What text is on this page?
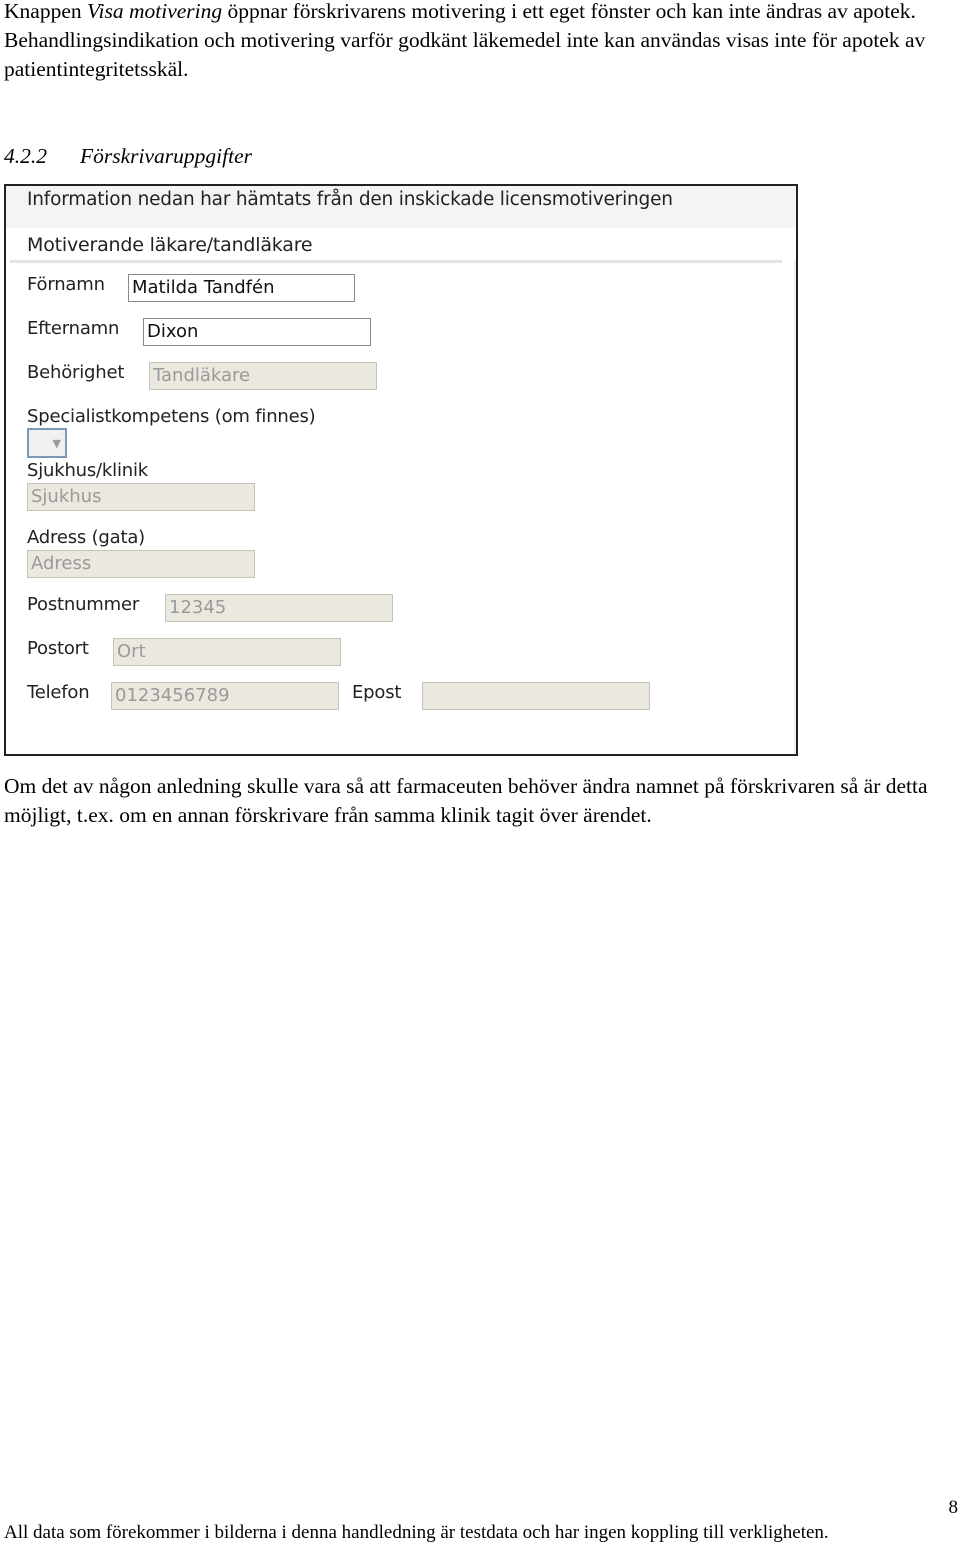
Knappen Visa motivering öppnar förskrivarens motivering i ett eget fönster och kan inte ändras av apotek. Behandlingsindikation och motivering varför godkänt läkemedel inte kan användas visas inte för apotek av patientintegritetsskäl.
4.2.2 Förskrivaruppgifter
Information nedan har hämtats från den inskickade licensmotiveringen
Motiverande läkare/tandläkare
Förnamn Matilda Tandfén
Efternamn Dixon
Behörighet Tandläkare
Specialistkompetens (om finnes)
▼
Sjukhus/klinik
Sjukhus
Adress (gata)
Adress
Postnummer 12345
Postort Ort
Telefon 0123456789	Epost
Om det av någon anledning skulle vara så att farmaceuten behöver ändra namnet på förskrivaren så är detta möjligt, t.ex. om en annan förskrivare från samma klinik tagit över ärendet.
All data som förekommer i bilderna i denna handledning är testdata och har ingen koppling till verkligheten.
8
